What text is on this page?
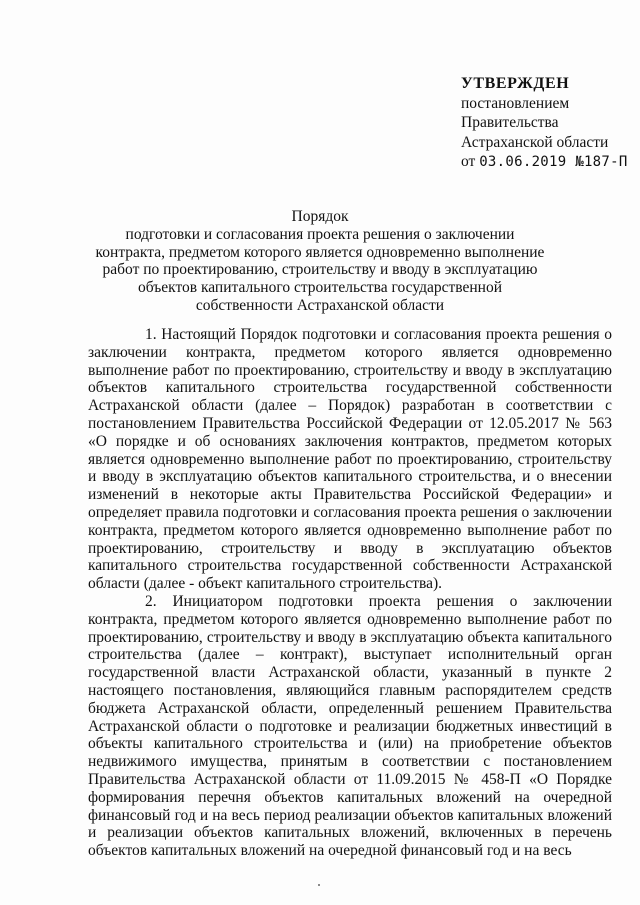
УТВЕРЖДЕН
постановлением
Правительства
Астраханской области
от 03.06.2019 №187-П
Порядок
подготовки и согласования проекта решения о заключении контракта, предметом которого является одновременно выполнение работ по проектированию, строительству и вводу в эксплуатацию объектов капитального строительства государственной собственности Астраханской области

1. Настоящий Порядок подготовки и согласования проекта решения о заключении контракта, предметом которого является одновременно выполнение работ по проектированию, строительству и вводу в эксплуатацию объектов капитального строительства государственной собственности Астраханской области (далее – Порядок) разработан в соответствии с постановлением Правительства Российской Федерации от 12.05.2017 № 563 «О порядке и об основаниях заключения контрактов, предметом которых является одновременно выполнение работ по проектированию, строительству и вводу в эксплуатацию объектов капитального строительства, и о внесении изменений в некоторые акты Правительства Российской Федерации» и определяет правила подготовки и согласования проекта решения о заключении контракта, предметом которого является одновременно выполнение работ по проектированию, строительству и вводу в эксплуатацию объектов капитального строительства государственной собственности Астраханской области (далее - объект капитального строительства).

2. Инициатором подготовки проекта решения о заключении контракта, предметом которого является одновременно выполнение работ по проектированию, строительству и вводу в эксплуатацию объекта капитального строительства (далее – контракт), выступает исполнительный орган государственной власти Астраханской области, указанный в пункте 2 настоящего постановления, являющийся главным распорядителем средств бюджета Астраханской области, определенный решением Правительства Астраханской области о подготовке и реализации бюджетных инвестиций в объекты капитального строительства и (или) на приобретение объектов недвижимого имущества, принятым в соответствии с постановлением Правительства Астраханской области от 11.09.2015 № 458-П «О Порядке формирования перечня объектов капитальных вложений на очередной финансовый год и на весь период реализации объектов капитальных вложений и реализации объектов капитальных вложений, включенных в перечень объектов капитальных вложений на очередной финансовый год и на весь
